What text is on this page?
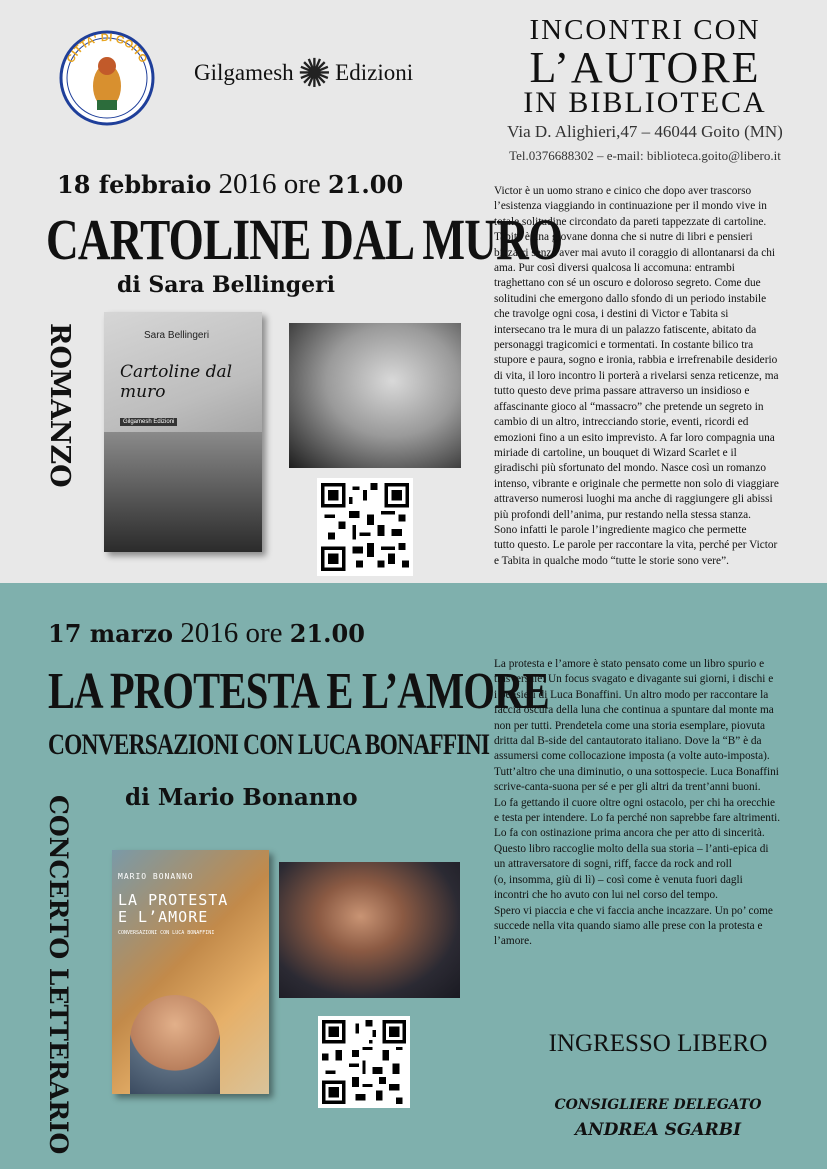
CITTA' DI GOITO
Gilgamesh ✺ Edizioni
INCONTRI CON
L’AUTORE
IN BIBLIOTECA
Via D. Alighieri,47 – 46044 Goito (MN)
Tel.0376688302 – e-mail: biblioteca.goito@libero.it
18 febbraio 2016 ore 21.00
CARTOLINE DAL MURO
di Sara Bellingeri
ROMANZO	Sara Bellingeri
Cartoline dal muro
Gilgamesh Edizioni

Victor è un uomo strano e cinico che dopo aver trascorso

l’esistenza viaggiando in continuazione per il mondo vive in

totale solitudine circondato da pareti tappezzate di cartoline.

Tabita è una giovane donna che si nutre di libri e pensieri

bizzarri senza aver mai avuto il coraggio di allontanarsi da chi

ama. Pur così diversi qualcosa li accomuna: entrambi

traghettano con sé un oscuro e doloroso segreto. Come due

solitudini che emergono dallo sfondo di un periodo instabile

che travolge ogni cosa, i destini di Victor e Tabita si

intersecano tra le mura di un palazzo fatiscente, abitato da

personaggi tragicomici e tormentati. In costante bilico tra

stupore e paura, sogno e ironia, rabbia e irrefrenabile desiderio

di vita, il loro incontro li porterà a rivelarsi senza reticenze, ma

tutto questo deve prima passare attraverso un insidioso e

affascinante gioco al “massacro” che pretende un segreto in

cambio di un altro, intrecciando storie, eventi, ricordi ed

emozioni fino a un esito imprevisto. A far loro compagnia una

miriade di cartoline, un bouquet di Wizard Scarlet e il

giradischi più sfortunato del mondo. Nasce così un romanzo

intenso, vibrante e originale che permette non solo di viaggiare

attraverso numerosi luoghi ma anche di raggiungere gli abissi

più profondi dell’anima, pur restando nella stessa stanza.

Sono infatti le parole l’ingrediente magico che permette

tutto questo. Le parole per raccontare la vita, perché per Victor

e Tabita in qualche modo “tutte le storie sono vere”.

17 marzo 2016 ore 21.00
LA PROTESTA E L’AMORE
CONVERSAZIONI CON LUCA BONAFFINI
di Mario Bonanno
CONCERTO LETTERARIO	MARIO BONANNO
LA PROTESTA
E L’AMORE
CONVERSAZIONI CON LUCA BONAFFINI

La protesta e l’amore è stato pensato come un libro spurio e

trasversale. Un focus svagato e divagante sui giorni, i dischi e

i pensieri di Luca Bonaffini. Un altro modo per raccontare la

faccia oscura della luna che continua a spuntare dal monte ma

non per tutti. Prendetela come una storia esemplare, piovuta

dritta dal B-side del cantautorato italiano. Dove la “B” è da

assumersi come collocazione imposta (a volte auto-imposta).

Tutt’altro che una diminutio, o una sottospecie. Luca Bonaffini

scrive-canta-suona per sé e per gli altri da trent’anni buoni.

Lo fa gettando il cuore oltre ogni ostacolo, per chi ha orecchie

e testa per intendere. Lo fa perché non saprebbe fare altrimenti.

Lo fa con ostinazione prima ancora che per atto di sincerità.

Questo libro raccoglie molto della sua storia – l’anti-epica di

un attraversatore di sogni, riff, facce da rock and roll

(o, insomma, giù di lì) – così come è venuta fuori dagli

incontri che ho avuto con lui nel corso del tempo.

Spero vi piaccia e che vi faccia anche incazzare. Un po’ come

succede nella vita quando siamo alle prese con la protesta e

l’amore.

INGRESSO LIBERO
CONSIGLIERE DELEGATO
ANDREA SGARBI
